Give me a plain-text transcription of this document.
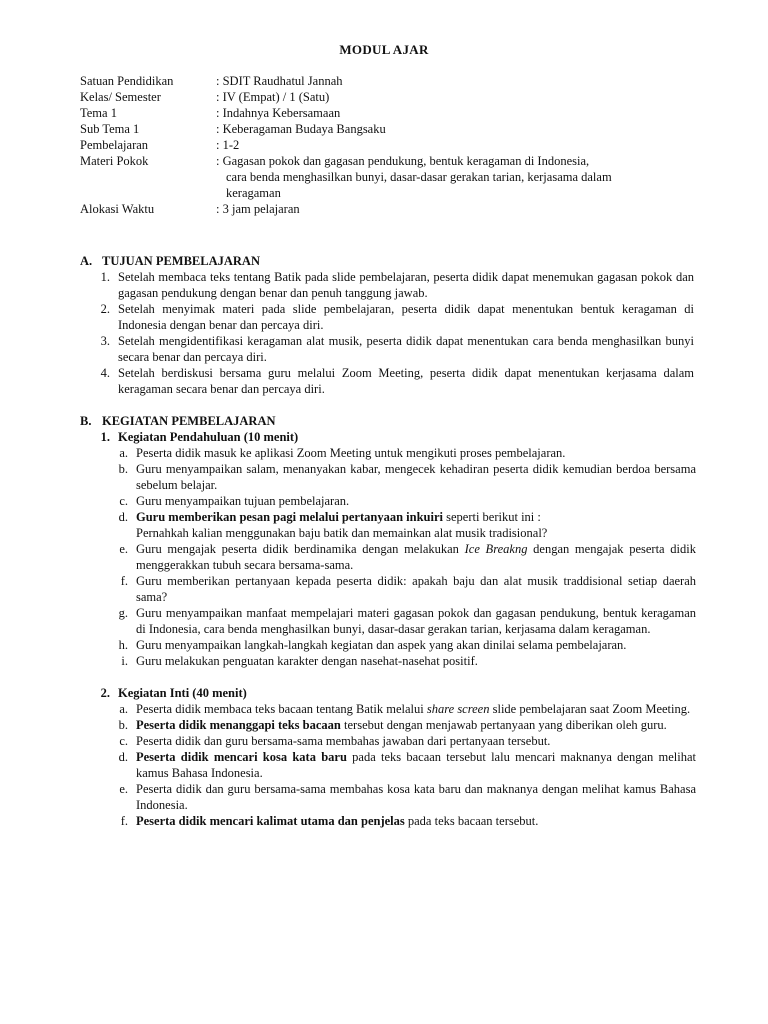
MODUL AJAR
Satuan Pendidikan	: SDIT Raudhatul Jannah
Kelas/ Semester	: IV (Empat) / 1 (Satu)
Tema 1	: Indahnya Kebersamaan
Sub Tema 1	: Keberagaman Budaya Bangsaku
Pembelajaran	: 1-2
Materi Pokok	: Gagasan pokok dan gagasan pendukung, bentuk keragaman di Indonesia,
cara benda menghasilkan bunyi, dasar-dasar gerakan tarian, kerjasama dalam
keragaman
Alokasi Waktu	: 3 jam pelajaran
A. TUJUAN PEMBELAJARAN
1. Setelah membaca teks tentang Batik pada slide pembelajaran, peserta didik dapat menemukan gagasan pokok dan gagasan pendukung dengan benar dan penuh tanggung jawab.
2. Setelah menyimak materi pada slide pembelajaran, peserta didik dapat menentukan bentuk keragaman di Indonesia dengan benar dan percaya diri.
3. Setelah mengidentifikasi keragaman alat musik, peserta didik dapat menentukan cara benda menghasilkan bunyi secara benar dan percaya diri.
4. Setelah berdiskusi bersama guru melalui Zoom Meeting, peserta didik dapat menentukan kerjasama dalam keragaman secara benar dan percaya diri.
B. KEGIATAN PEMBELAJARAN
1. Kegiatan Pendahuluan (10 menit)
a. Peserta didik masuk ke aplikasi Zoom Meeting untuk mengikuti proses pembelajaran.
b. Guru menyampaikan salam, menanyakan kabar, mengecek kehadiran peserta didik kemudian berdoa bersama sebelum belajar.
c. Guru menyampaikan tujuan pembelajaran.
d. Guru memberikan pesan pagi melalui pertanyaan inkuiri seperti berikut ini :
Pernahkah kalian menggunakan baju batik dan memainkan alat musik tradisional?
e. Guru mengajak peserta didik berdinamika dengan melakukan Ice Breakng dengan mengajak peserta didik menggerakkan tubuh secara bersama-sama.
f. Guru memberikan pertanyaan kepada peserta didik: apakah baju dan alat musik traddisional setiap daerah sama?
g. Guru menyampaikan manfaat mempelajari materi gagasan pokok dan gagasan pendukung, bentuk keragaman di Indonesia, cara benda menghasilkan bunyi, dasar-dasar gerakan tarian, kerjasama dalam keragaman.
h. Guru menyampaikan langkah-langkah kegiatan dan aspek yang akan dinilai selama pembelajaran.
i. Guru melakukan penguatan karakter dengan nasehat-nasehat positif.
2. Kegiatan Inti (40 menit)
a. Peserta didik membaca teks bacaan tentang Batik melalui share screen slide pembelajaran saat Zoom Meeting.
b. Peserta didik menanggapi teks bacaan tersebut dengan menjawab pertanyaan yang diberikan oleh guru.
c. Peserta didik dan guru bersama-sama membahas jawaban dari pertanyaan tersebut.
d. Peserta didik mencari kosa kata baru pada teks bacaan tersebut lalu mencari maknanya dengan melihat kamus Bahasa Indonesia.
e. Peserta didik dan guru bersama-sama membahas kosa kata baru dan maknanya dengan melihat kamus Bahasa Indonesia.
f. Peserta didik mencari kalimat utama dan penjelas pada teks bacaan tersebut.
